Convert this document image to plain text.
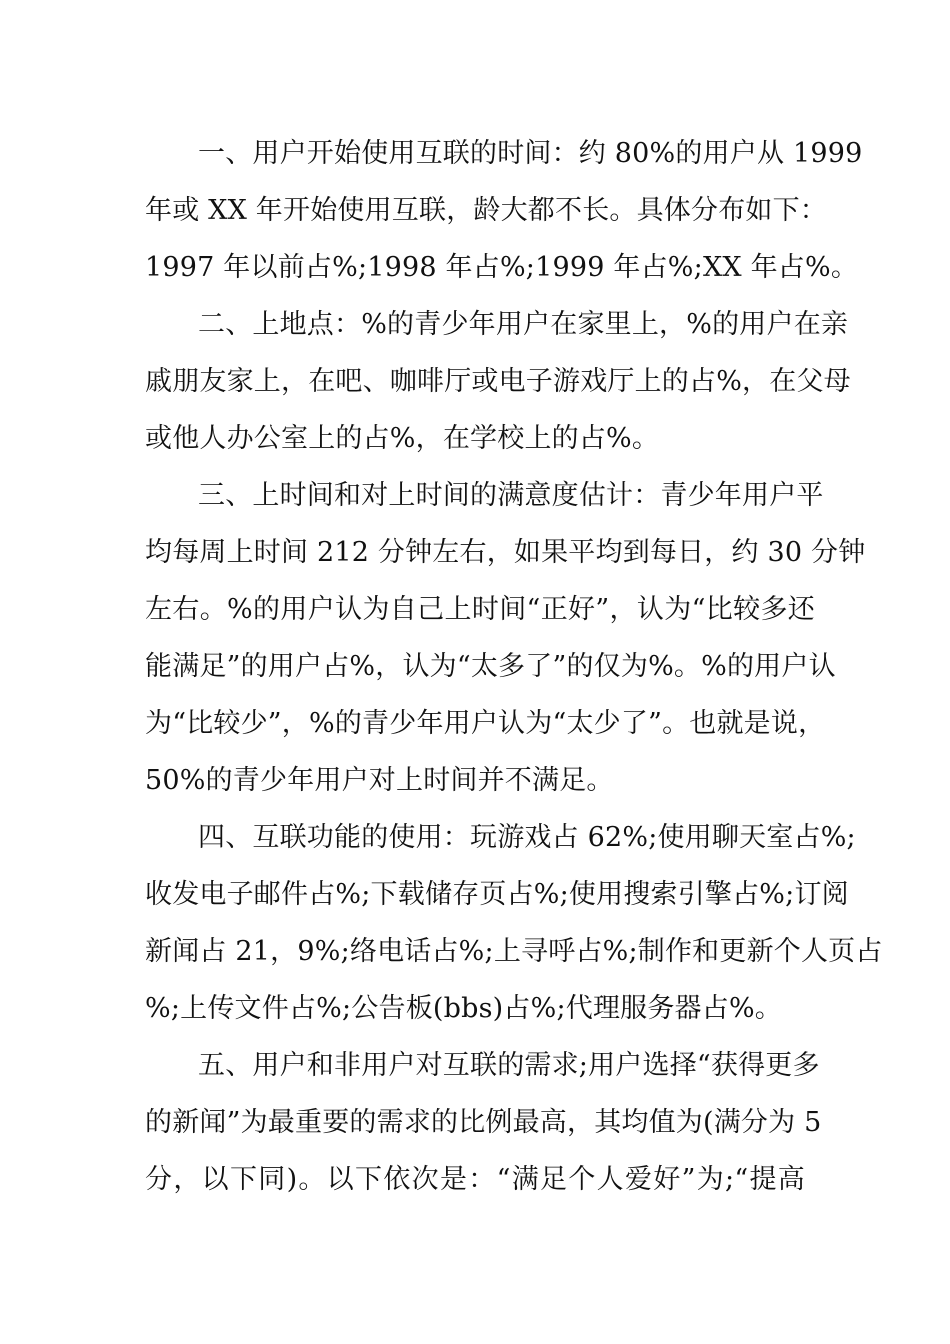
一、用户开始使用互联的时间：约 80%的用户从 1999
年或 XX 年开始使用互联，龄大都不长。具体分布如下：
1997 年以前占%;1998 年占%;1999 年占%;XX 年占%。
二、上地点：%的青少年用户在家里上，%的用户在亲
戚朋友家上，在吧、咖啡厅或电子游戏厅上的占%，在父母
或他人办公室上的占%，在学校上的占%。
三、上时间和对上时间的满意度估计：青少年用户平
均每周上时间 212 分钟左右，如果平均到每日，约 30 分钟
左右。%的用户认为自己上时间“正好”，认为“比较多还
能满足”的用户占%，认为“太多了”的仅为%。%的用户认
为“比较少”，%的青少年用户认为“太少了”。也就是说，
50%的青少年用户对上时间并不满足。
四、互联功能的使用：玩游戏占 62%;使用聊天室占%;
收发电子邮件占%;下载储存页占%;使用搜索引擎占%;订阅
新闻占 21，9%;络电话占%;上寻呼占%;制作和更新个人页占
%;上传文件占%;公告板(bbs)占%;代理服务器占%。
五、用户和非用户对互联的需求;用户选择“获得更多
的新闻”为最重要的需求的比例最高，其均值为(满分为 5
分，以下同)。以下依次是：“满足个人爱好”为;“提高
